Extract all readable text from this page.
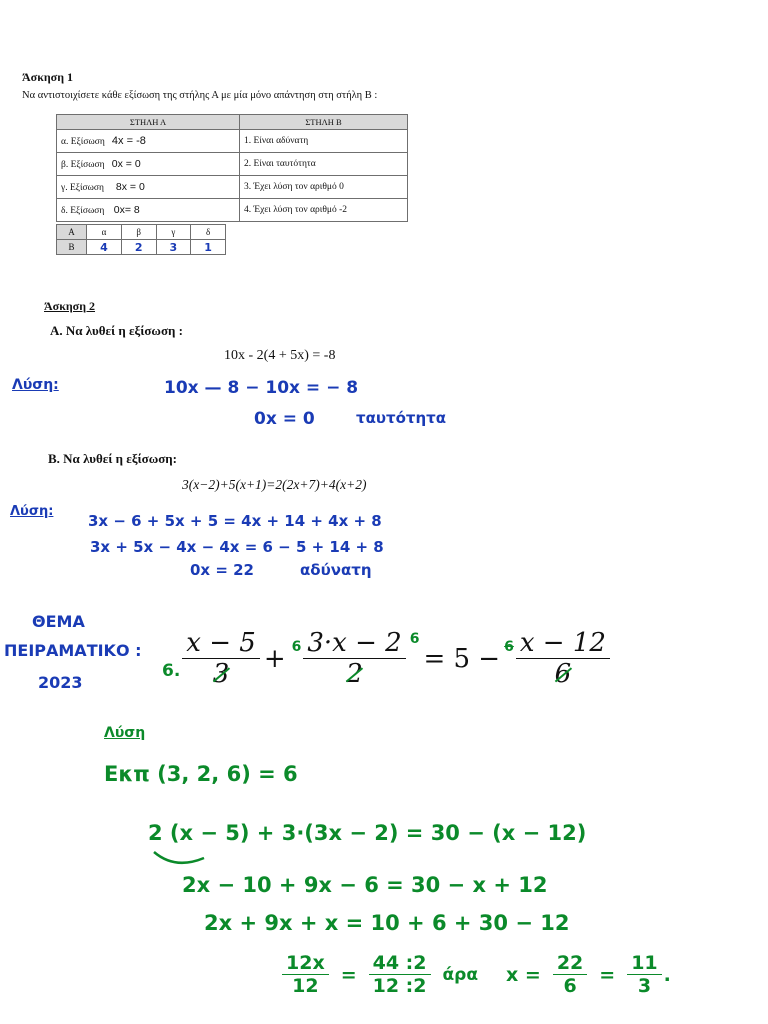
Άσκηση 1
Να αντιστοιχίσετε κάθε εξίσωση της στήλης Α με μία μόνο απάντηση στη στήλη Β :
ΣΤΗΛΗ Α	ΣΤΗΛΗ Β
α. Εξίσωση 4x = -8	1. Είναι αδύνατη
β. Εξίσωση 0x = 0	2. Είναι ταυτότητα
γ. Εξίσωση 8x = 0	3. Έχει λύση τον αριθμό 0
δ. Εξίσωση 0x= 8	4. Έχει λύση τον αριθμό -2
Α	α	β	γ	δ
Β	4	2	3	1
Άσκηση 2
Α. Να λυθεί η εξίσωση :
10x - 2(4 + 5x) = -8
Λύση:	10x — 8 − 10x = − 8
0x = 0	ταυτότητα
Β. Να λυθεί η εξίσωση:
3(x−2)+5(x+1)=2(2x+7)+4(x+2)
Λύση:
3x − 6 + 5x + 5 = 4x + 14 + 4x + 8
3x + 5x − 4x − 4x = 6 − 5 + 14 + 8
0x = 22	αδύνατη
ΘΕΜΑ
ΠΕΙΡΑΜΑΤΙΚΟ :
2023
6. $\frac{x - 5}{3} + 6 \frac{3\cdot x - 2}{2} 6$
= $5 - 6 \frac{x - 12}{6}$
Λύση
Εκπ (3, 2, 6) = 6
2 (x − 5) + 3·(3x − 2) = 30 − (x − 12)
2x − 10 + 9x − 6 = 30 − x + 12
2x + 9x + x = 10 + 6 + 30 − 12
$\frac{12x}{12} = \frac{44 :2}{12 :2}$ άρα $x = \frac{22}{6} = \frac{11}{3}$ .
